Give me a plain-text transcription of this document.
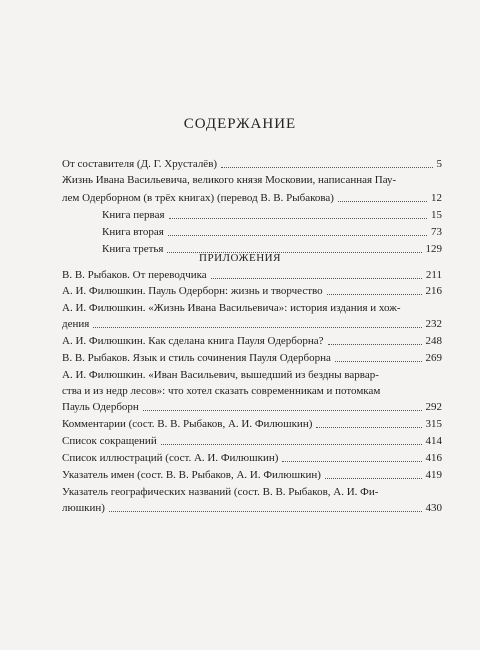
СОДЕРЖАНИЕ
От составителя (Д. Г. Хрусталёв)	5
Жизнь Ивана Васильевича, великого князя Московии, написанная Пау-
лем Одерборном (в трёх книгах) (перевод В. В. Рыбакова)	12
Книга первая	15
Книга вторая	73
Книга третья	129
ПРИЛОЖЕНИЯ
В. В. Рыбаков. От переводчика	211
А. И. Филюшкин. Пауль Одерборн: жизнь и творчество	216
А. И. Филюшкин. «Жизнь Ивана Васильевича»: история издания и хож-
дения	232
А. И. Филюшкин. Как сделана книга Пауля Одерборна?	248
В. В. Рыбаков. Язык и стиль сочинения Пауля Одерборна	269
А. И. Филюшкин. «Иван Васильевич, вышедший из бездны варвар-
ства и из недр лесов»: что хотел сказать современникам и потомкам
Пауль Одерборн	292
Комментарии (сост. В. В. Рыбаков, А. И. Филюшкин)	315
Список сокращений	414
Список иллюстраций (сост. А. И. Филюшкин)	416
Указатель имен (сост. В. В. Рыбаков, А. И. Филюшкин)	419
Указатель географических названий (сост. В. В. Рыбаков, А. И. Фи-
люшкин)	430
